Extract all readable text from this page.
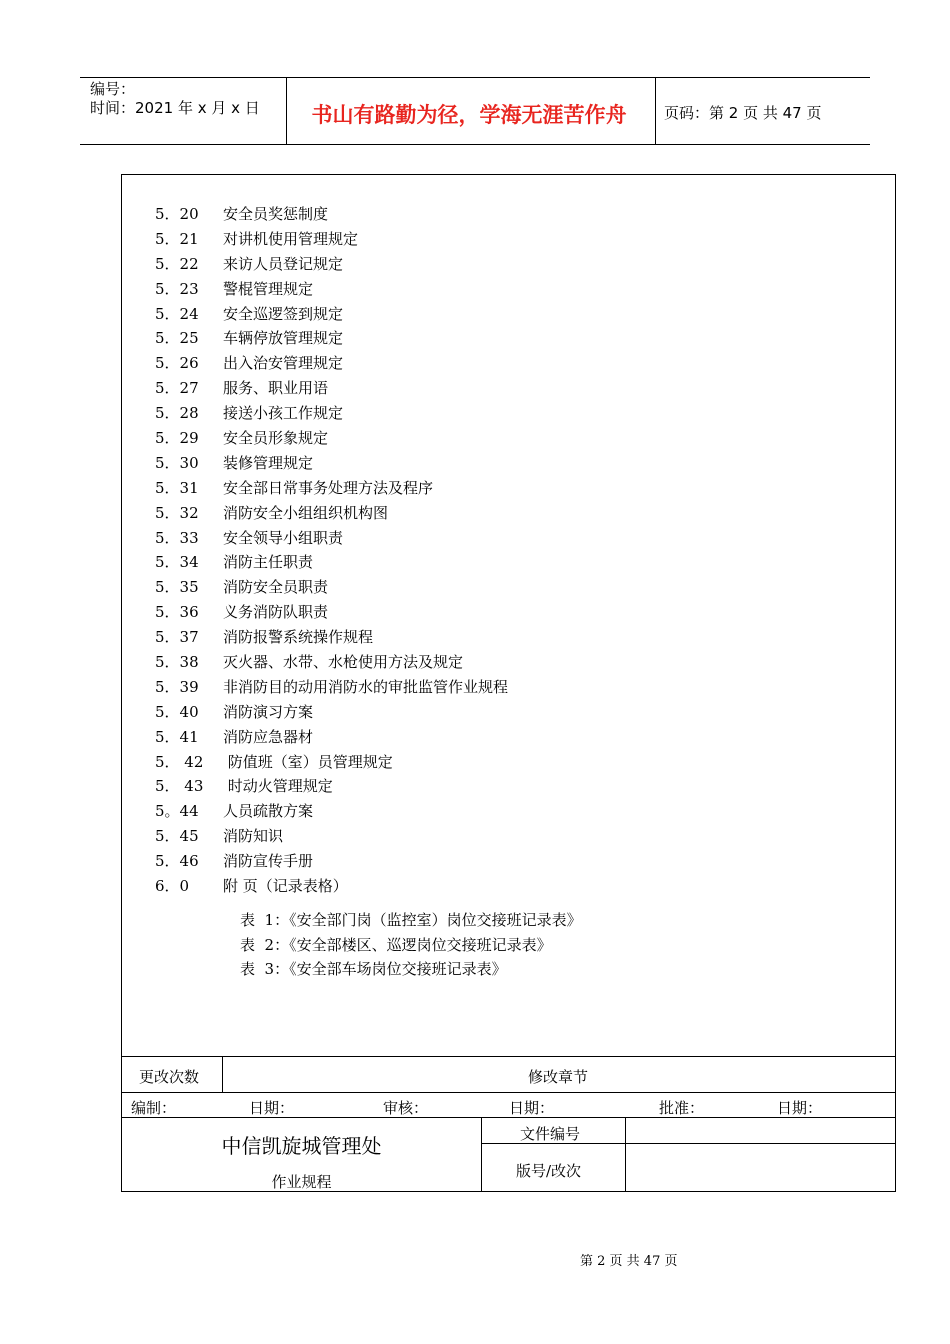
编号：
时间：2021 年 x 月 x 日	书山有路勤为径，学海无涯苦作舟	页码：第 2 页 共 47 页
5．20 安全员奖惩制度
5．21 对讲机使用管理规定
5．22 来访人员登记规定
5．23 警棍管理规定
5．24 安全巡逻签到规定
5．25 车辆停放管理规定
5．26 出入治安管理规定
5．27 服务、职业用语
5．28 接送小孩工作规定
5．29 安全员形象规定
5．30 装修管理规定
5．31 安全部日常事务处理方法及程序
5．32 消防安全小组组织机构图
5．33 安全领导小组职责
5．34 消防主任职责
5．35 消防安全员职责
5．36 义务消防队职责
5．37 消防报警系统操作规程
5．38 灭火器、水带、水枪使用方法及规定
5．39 非消防目的动用消防水的审批监管作业规程
5．40 消防演习方案
5．41 消防应急器材
5． 42 防值班（室）员管理规定
5． 43 时动火管理规定
5。44 人员疏散方案
5．45 消防知识
5．46 消防宣传手册
6．0 附 页（记录表格）
表  1：《安全部门岗（监控室）岗位交接班记录表》
表  2：《安全部楼区、巡逻岗位交接班记录表》
表  3：《安全部车场岗位交接班记录表》
更改次数	修改章节
编制：	日期：	审核：	日期：	批准：	日期：
中信凯旋城管理处
作业规程
文件编号
版号/改次
第 2 页 共 47 页
